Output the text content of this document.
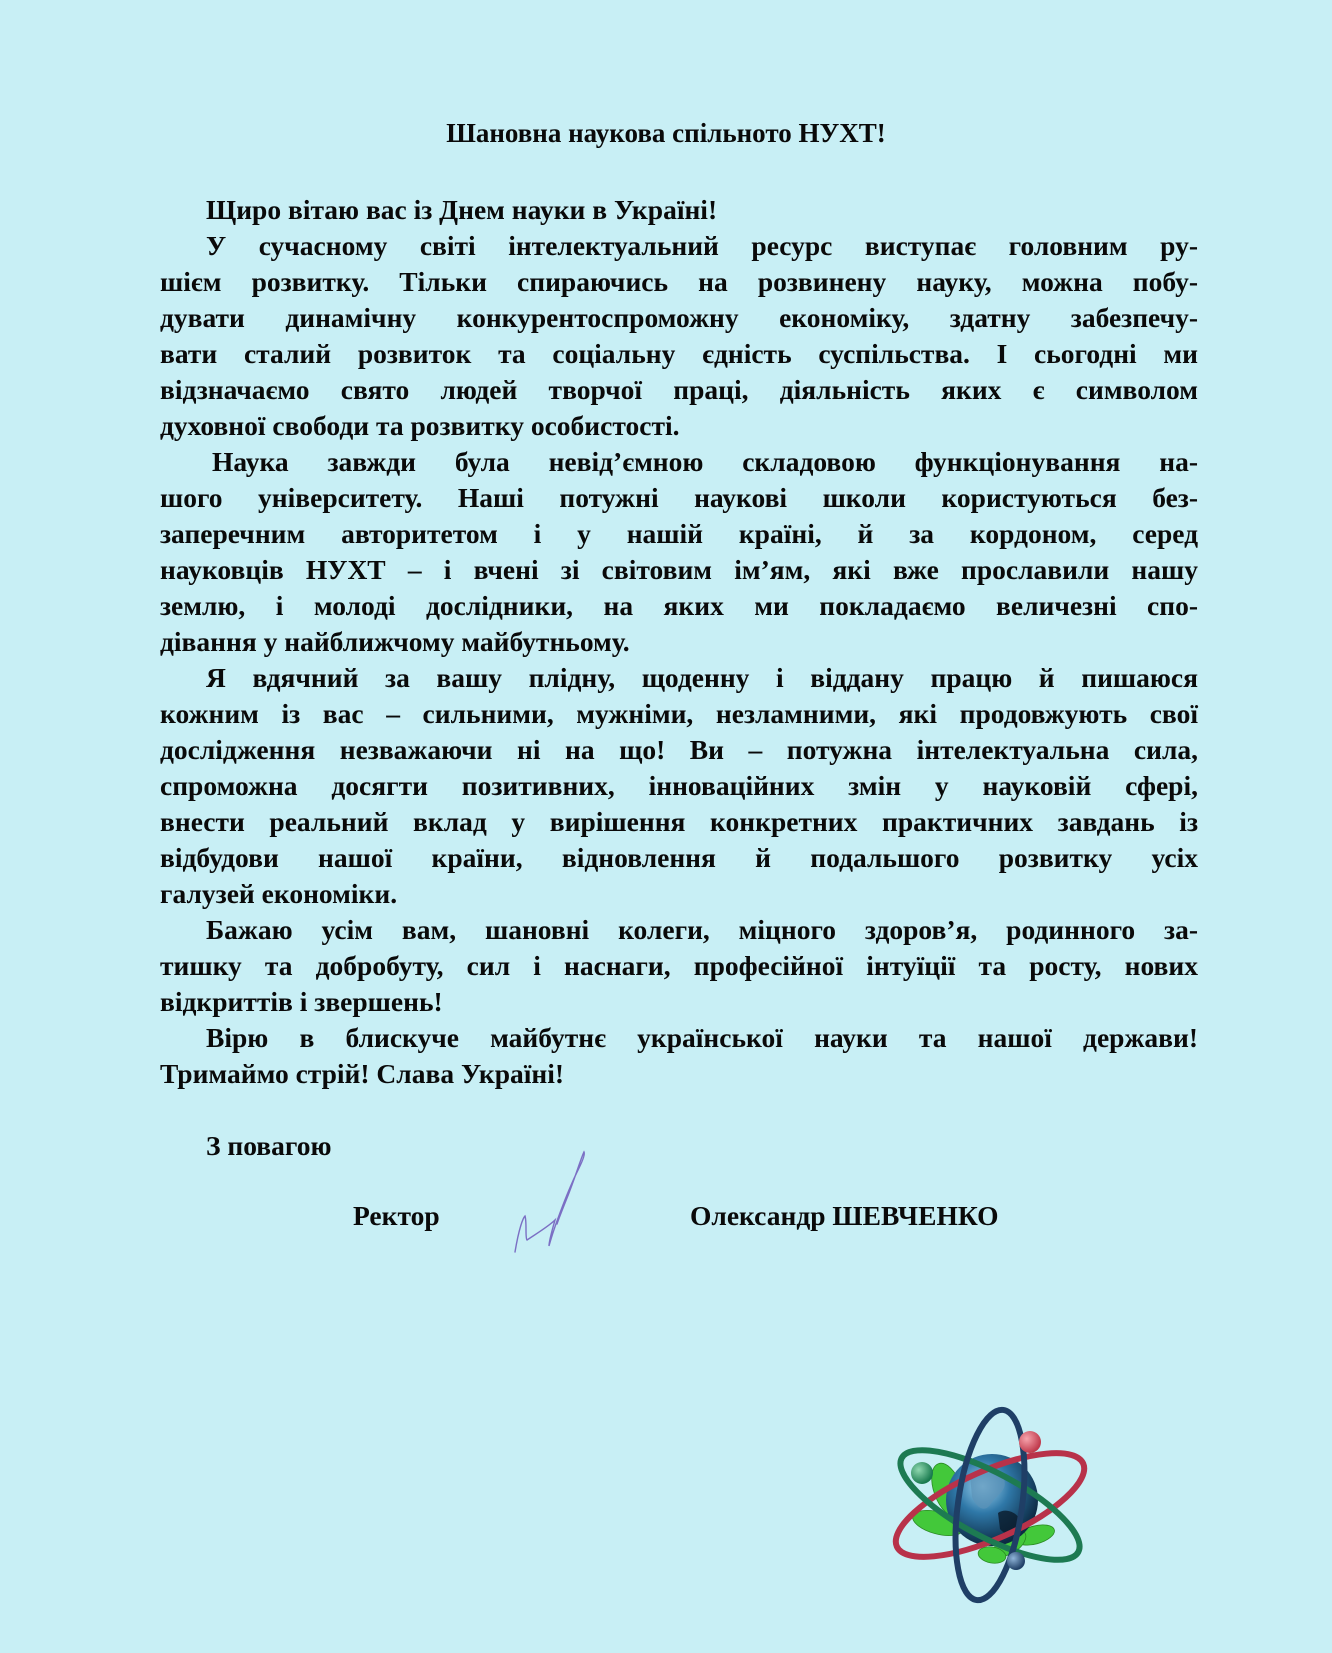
Шановна наукова спільното НУХТ!
Щиро вітаю вас із Днем науки в Україні!
У сучасному світі інтелектуальний ресурс виступає головним ру-
шієм розвитку. Тільки спираючись на розвинену науку, можна побу-
дувати динамічну конкурентоспроможну економіку, здатну забезпечу-
вати сталий розвиток та соціальну єдність суспільства. І сьогодні ми
відзначаємо свято людей творчої праці, діяльність яких є символом
духовної свободи та розвитку особистості.
Наука завжди була невід’ємною складовою функціонування на-
шого університету. Наші потужні наукові школи користуються без-
заперечним авторитетом і у нашій країні, й за кордоном, серед
науковців НУХТ – і вчені зі світовим ім’ям, які вже прославили нашу
землю, і молоді дослідники, на яких ми покладаємо величезні спо-
дівання у найближчому майбутньому.
Я вдячний за вашу плідну, щоденну і віддану працю й пишаюся
кожним із вас – сильними, мужніми, незламними, які продовжують свої
дослідження незважаючи ні на що! Ви – потужна інтелектуальна сила,
спроможна досягти позитивних, інноваційних змін у науковій сфері,
внести реальний вклад у вирішення конкретних практичних завдань із
відбудови нашої країни, відновлення й подальшого розвитку усіх
галузей економіки.
Бажаю усім вам, шановні колеги, міцного здоров’я, родинного за-
тишку та добробуту, сил і наснаги, професійної інтуїції та росту, нових
відкриттів і звершень!
Вірю в блискуче майбутнє української науки та нашої держави!
Тримаймо стрій! Слава Україні!
З повагою
Ректор	Олександр ШЕВЧЕНКО
